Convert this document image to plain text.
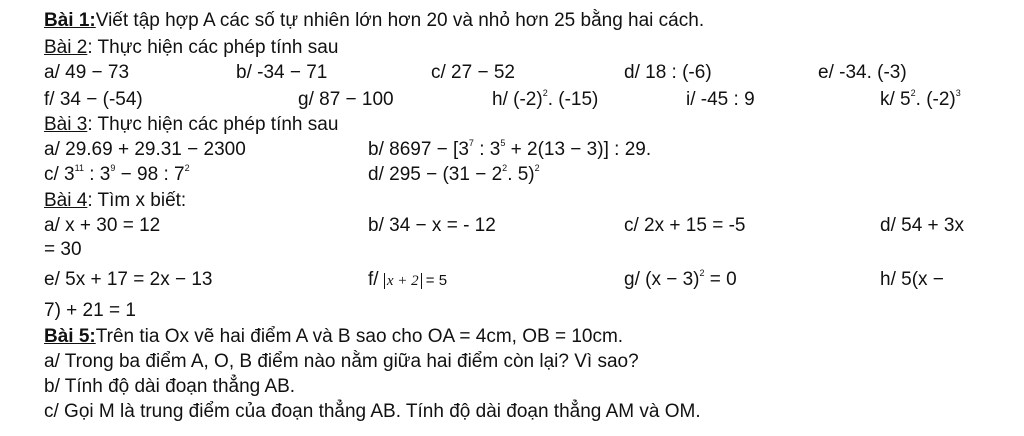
Bài 1:Viết tập hợp A các số tự nhiên lớn hơn 20 và nhỏ hơn 25 bằng hai cách.
Bài 2: Thực hiện các phép tính sau
a/ 49 − 73	b/ -34 − 71	c/ 27 − 52	d/ 18 : (-6)	e/ -34. (-3)
f/ 34 − (-54)	g/ 87 − 100	h/ $(-2)^2$. (-15)	i/ -45 : 9	k/ $5^2$. $(-2)^3$
Bài 3: Thực hiện các phép tính sau
a/ 29.69 + 29.31 − 2300	b/ $8697 - [3^7$ : $3^5 + 2(13 - 3)$] : 29.
c/ $3^{11}$ : $3^9 - 98$ : $7^2$	d/ $295 - (31 - 2^2$. 5)$^2$
Bài 4: Tìm x biết:
a/ x + 30 = 12	b/ 34 − x = - 12	c/ 2x + 15 = -5	d/ 54 + 3x
= 30
e/ 5x + 17 = 2x − 13	f/ x + 2 = 5	g/ $(x - 3)^2 = 0$	h/ 5(x −
7) + 21 = 1
Bài 5:Trên tia Ox vẽ hai điểm A và B sao cho OA = 4cm, OB = 10cm.
a/ Trong ba điểm A, O, B điểm nào nằm giữa hai điểm còn lại? Vì sao?
b/ Tính độ dài đoạn thẳng AB.
c/ Gọi M là trung điểm của đoạn thẳng AB. Tính độ dài đoạn thẳng AM và OM.
